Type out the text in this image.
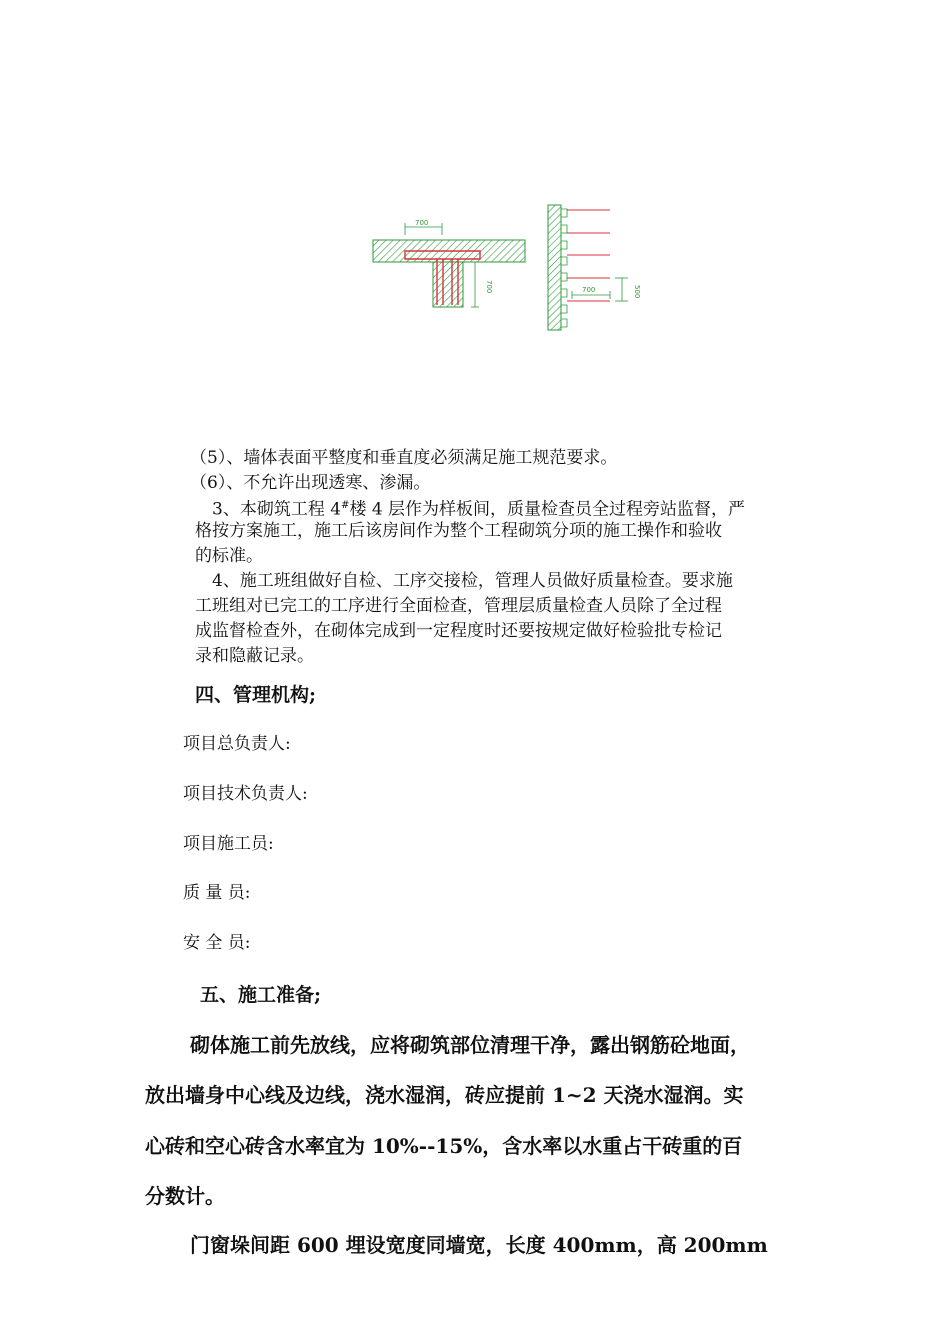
700
700	700	500
（5）、墙体表面平整度和垂直度必须满足施工规范要求。
（6）、不允许出现透寒、渗漏。
3、本砌筑工程 4#楼 4 层作为样板间，质量检查员全过程旁站监督，严
格按方案施工，施工后该房间作为整个工程砌筑分项的施工操作和验收
的标准。
4、施工班组做好自检、工序交接检，管理人员做好质量检查。要求施
工班组对已完工的工序进行全面检查，管理层质量检查人员除了全过程
成监督检查外，在砌体完成到一定程度时还要按规定做好检验批专检记
录和隐蔽记录。
四、管理机构;
项目总负责人:
项目技术负责人:
项目施工员:
质 量 员:
安 全 员:
五、施工准备;
砌体施工前先放线，应将砌筑部位清理干净，露出钢筋砼地面，
放出墙身中心线及边线，浇水湿润，砖应提前 1~2 天浇水湿润。实
心砖和空心砖含水率宜为 10%--15%，含水率以水重占干砖重的百
分数计。
门窗垛间距 600 埋设宽度同墙宽，长度 400mm，高 200mm
